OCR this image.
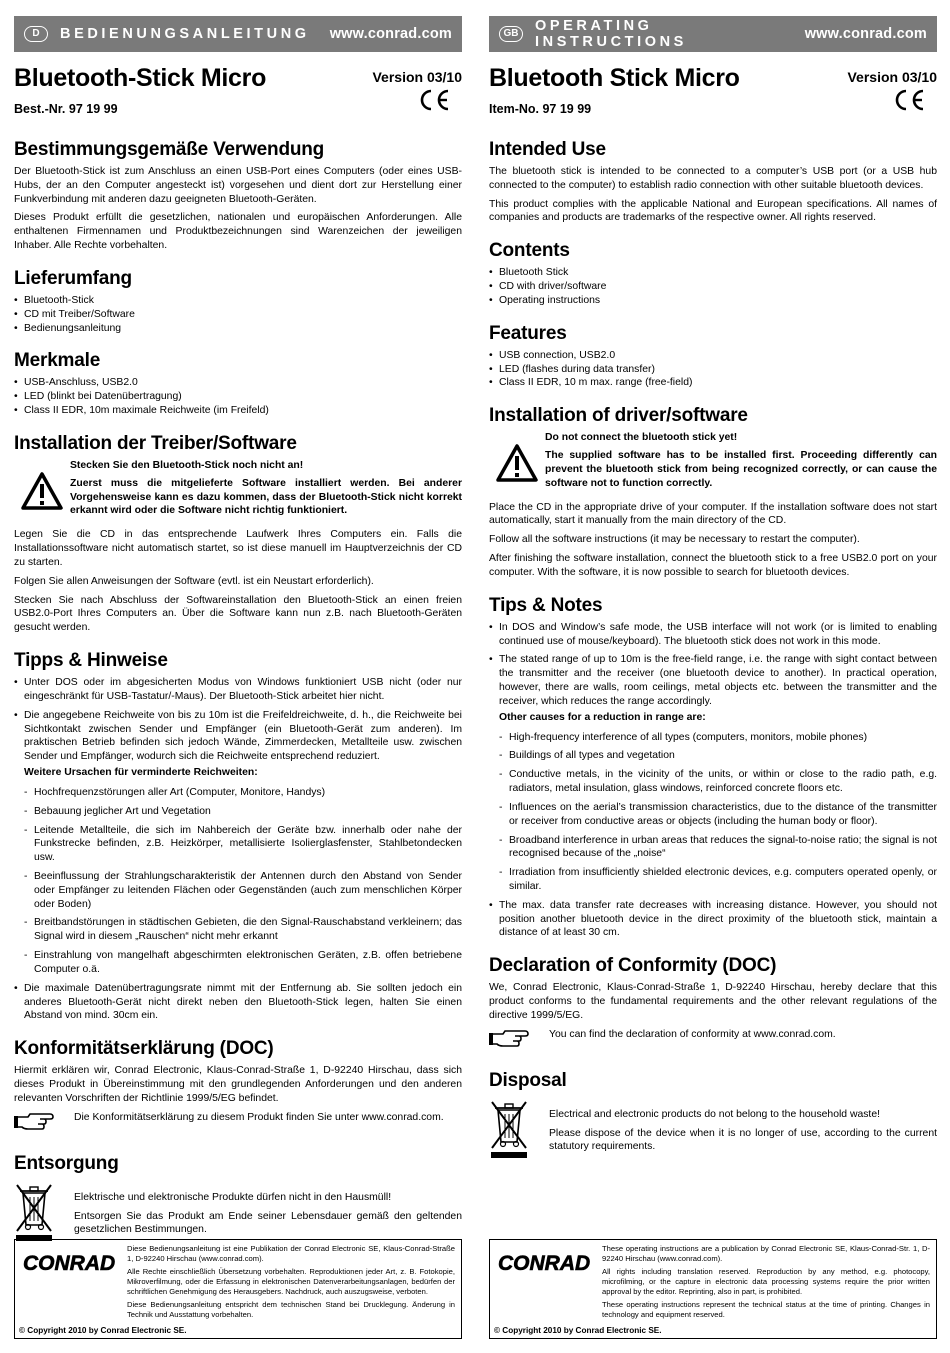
D	BEDIENUNGSANLEITUNG	www.conrad.com
Bluetooth-Stick Micro	Version 03/10
Best.-Nr. 97 19 99
Bestimmungsgemäße Verwendung

Der Bluetooth-Stick ist zum Anschluss an einen USB-Port eines Computers (oder eines USB-Hubs, der an den Computer angesteckt ist) vorgesehen und dient dort zur Herstellung einer Funkverbindung mit anderen dazu geeigneten Bluetooth-Geräten.

Dieses Produkt erfüllt die gesetzlichen, nationalen und europäischen Anforderungen. Alle enthaltenen Firmennamen und Produktbezeichnungen sind Warenzeichen der jeweiligen Inhaber. Alle Rechte vorbehalten.

Lieferumfang
• Bluetooth-Stick
• CD mit Treiber/Software
• Bedienungsanleitung
Merkmale
• USB-Anschluss, USB2.0
• LED (blinkt bei Datenübertragung)
• Class II EDR, 10m maximale Reichweite (im Freifeld)
Installation der Treiber/Software

Stecken Sie den Bluetooth-Stick noch nicht an!

Zuerst muss die mitgelieferte Software installiert werden. Bei anderer Vorgehensweise kann es dazu kommen, dass der Bluetooth-Stick nicht korrekt erkannt wird oder die Software nicht richtig funktioniert.

Legen Sie die CD in das entsprechende Laufwerk Ihres Computers ein. Falls die Installationssoftware nicht automatisch startet, so ist diese manuell im Hauptverzeichnis der CD zu starten.

Folgen Sie allen Anweisungen der Software (evtl. ist ein Neustart erforderlich).

Stecken Sie nach Abschluss der Softwareinstallation den Bluetooth-Stick an einen freien USB2.0-Port Ihres Computers an. Über die Software kann nun z.B. nach Bluetooth-Geräten gesucht werden.

Tipps & Hinweise
• Unter DOS oder im abgesicherten Modus von Windows funktioniert USB nicht (oder nur eingeschränkt für USB-Tastatur/-Maus). Der Bluetooth-Stick arbeitet hier nicht.
• Die angegebene Reichweite von bis zu 10m ist die Freifeldreichweite, d. h., die Reichweite bei Sichtkontakt zwischen Sender und Empfänger (ein Bluetooth-Gerät zum anderen). Im praktischen Betrieb befinden sich jedoch Wände, Zimmerdecken, Metallteile usw. zwischen Sender und Empfänger, wodurch sich die Reichweite entsprechend reduziert.
Weitere Ursachen für verminderte Reichweiten:
- Hochfrequenzstörungen aller Art (Computer, Monitore, Handys)
- Bebauung jeglicher Art und Vegetation
- Leitende Metallteile, die sich im Nahbereich der Geräte bzw. innerhalb oder nahe der Funkstrecke befinden, z.B. Heizkörper, metallisierte Isolierglasfenster, Stahlbetondecken usw.
- Beeinflussung der Strahlungscharakteristik der Antennen durch den Abstand von Sender oder Empfänger zu leitenden Flächen oder Gegenständen (auch zum menschlichen Körper oder Boden)
- Breitbandstörungen in städtischen Gebieten, die den Signal-Rauschabstand verkleinern; das Signal wird in diesem „Rauschen“ nicht mehr erkannt
- Einstrahlung von mangelhaft abgeschirmten elektronischen Geräten, z.B. offen betriebene Computer o.ä.
• Die maximale Datenübertragungsrate nimmt mit der Entfernung ab. Sie sollten jedoch ein anderes Bluetooth-Gerät nicht direkt neben den Bluetooth-Stick legen, halten Sie einen Abstand von mind. 30cm ein.
Konformitätserklärung (DOC)

Hiermit erklären wir, Conrad Electronic, Klaus-Conrad-Straße 1, D-92240 Hirschau, dass sich dieses Produkt in Übereinstimmung mit den grundlegenden Anforderungen und den anderen relevanten Vorschriften der Richtlinie 1999/5/EG befindet.

Die Konformitätserklärung zu diesem Produkt finden Sie unter www.conrad.com.

Entsorgung

Elektrische und elektronische Produkte dürfen nicht in den Hausmüll!

Entsorgen Sie das Produkt am Ende seiner Lebensdauer gemäß den geltenden gesetzlichen Bestimmungen.

CONRAD

Diese Bedienungsanleitung ist eine Publikation der Conrad Electronic SE, Klaus-Conrad-Straße 1, D-92240 Hirschau (www.conrad.com).

Alle Rechte einschließlich Übersetzung vorbehalten. Reproduktionen jeder Art, z. B. Fotokopie, Mikroverfilmung, oder die Erfassung in elektronischen Datenverarbeitungsanlagen, bedürfen der schriftlichen Genehmigung des Herausgebers. Nachdruck, auch auszugsweise, verboten.

Diese Bedienungsanleitung entspricht dem technischen Stand bei Drucklegung. Änderung in Technik und Ausstattung vorbehalten.

© Copyright 2010 by Conrad Electronic SE.
GB	OPERATING INSTRUCTIONS	www.conrad.com
Bluetooth Stick Micro	Version 03/10
Item-No. 97 19 99
Intended Use

The bluetooth stick is intended to be connected to a computer’s USB port (or a USB hub connected to the computer) to establish radio connection with other suitable bluetooth devices.

This product complies with the applicable National and European specifications. All names of companies and products are trademarks of the respective owner. All rights reserved.

Contents
• Bluetooth Stick
• CD with driver/software
• Operating instructions
Features
• USB connection, USB2.0
• LED (flashes during data transfer)
• Class II EDR, 10 m max. range (free-field)
Installation of driver/software

Do not connect the bluetooth stick yet!

The supplied software has to be installed first. Proceeding differently can prevent the bluetooth stick from being recognized correctly, or can cause the software not to function correctly.

Place the CD in the appropriate drive of your computer. If the installation software does not start automatically, start it manually from the main directory of the CD.

Follow all the software instructions (it may be necessary to restart the computer).

After finishing the software installation, connect the bluetooth stick to a free USB2.0 port on your computer. With the software, it is now possible to search for bluetooth devices.

Tips & Notes
• In DOS and Window’s safe mode, the USB interface will not work (or is limited to enabling continued use of mouse/keyboard). The bluetooth stick does not work in this mode.
• The stated range of up to 10m is the free-field range, i.e. the range with sight contact between the transmitter and the receiver (one bluetooth device to another). In practical operation, however, there are walls, room ceilings, metal objects etc. between the transmitter and the receiver, which reduces the range accordingly.
Other causes for a reduction in range are:
- High-frequency interference of all types (computers, monitors, mobile phones)
- Buildings of all types and vegetation
- Conductive metals, in the vicinity of the units, or within or close to the radio path, e.g. radiators, metal insulation, glass windows, reinforced concrete floors etc.
- Influences on the aerial’s transmission characteristics, due to the distance of the transmitter or receiver from conductive areas or objects (including the human body or floor).
- Broadband interference in urban areas that reduces the signal-to-noise ratio; the signal is not recognised because of the „noise“
- Irradiation from insufficiently shielded electronic devices, e.g. computers operated openly, or similar.
• The max. data transfer rate decreases with increasing distance. However, you should not position another bluetooth device in the direct proximity of the bluetooth stick, maintain a distance of at least 30 cm.
Declaration of Conformity (DOC)

We, Conrad Electronic, Klaus-Conrad-Straße 1, D-92240 Hirschau, hereby declare that this product conforms to the fundamental requirements and the other relevant regulations of the directive 1999/5/EG.

You can find the declaration of conformity at www.conrad.com.

Disposal

Electrical and electronic products do not belong to the household waste!

Please dispose of the device when it is no longer of use, according to the current statutory requirements.

CONRAD

These operating instructions are a publication by Conrad Electronic SE, Klaus-Conrad-Str. 1, D-92240 Hirschau (www.conrad.com).

All rights including translation reserved. Reproduction by any method, e.g. photocopy, microfilming, or the capture in electronic data processing systems require the prior written approval by the editor. Reprinting, also in part, is prohibited.

These operating instructions represent the technical status at the time of printing. Changes in technology and equipment reserved.

© Copyright 2010 by Conrad Electronic SE.
